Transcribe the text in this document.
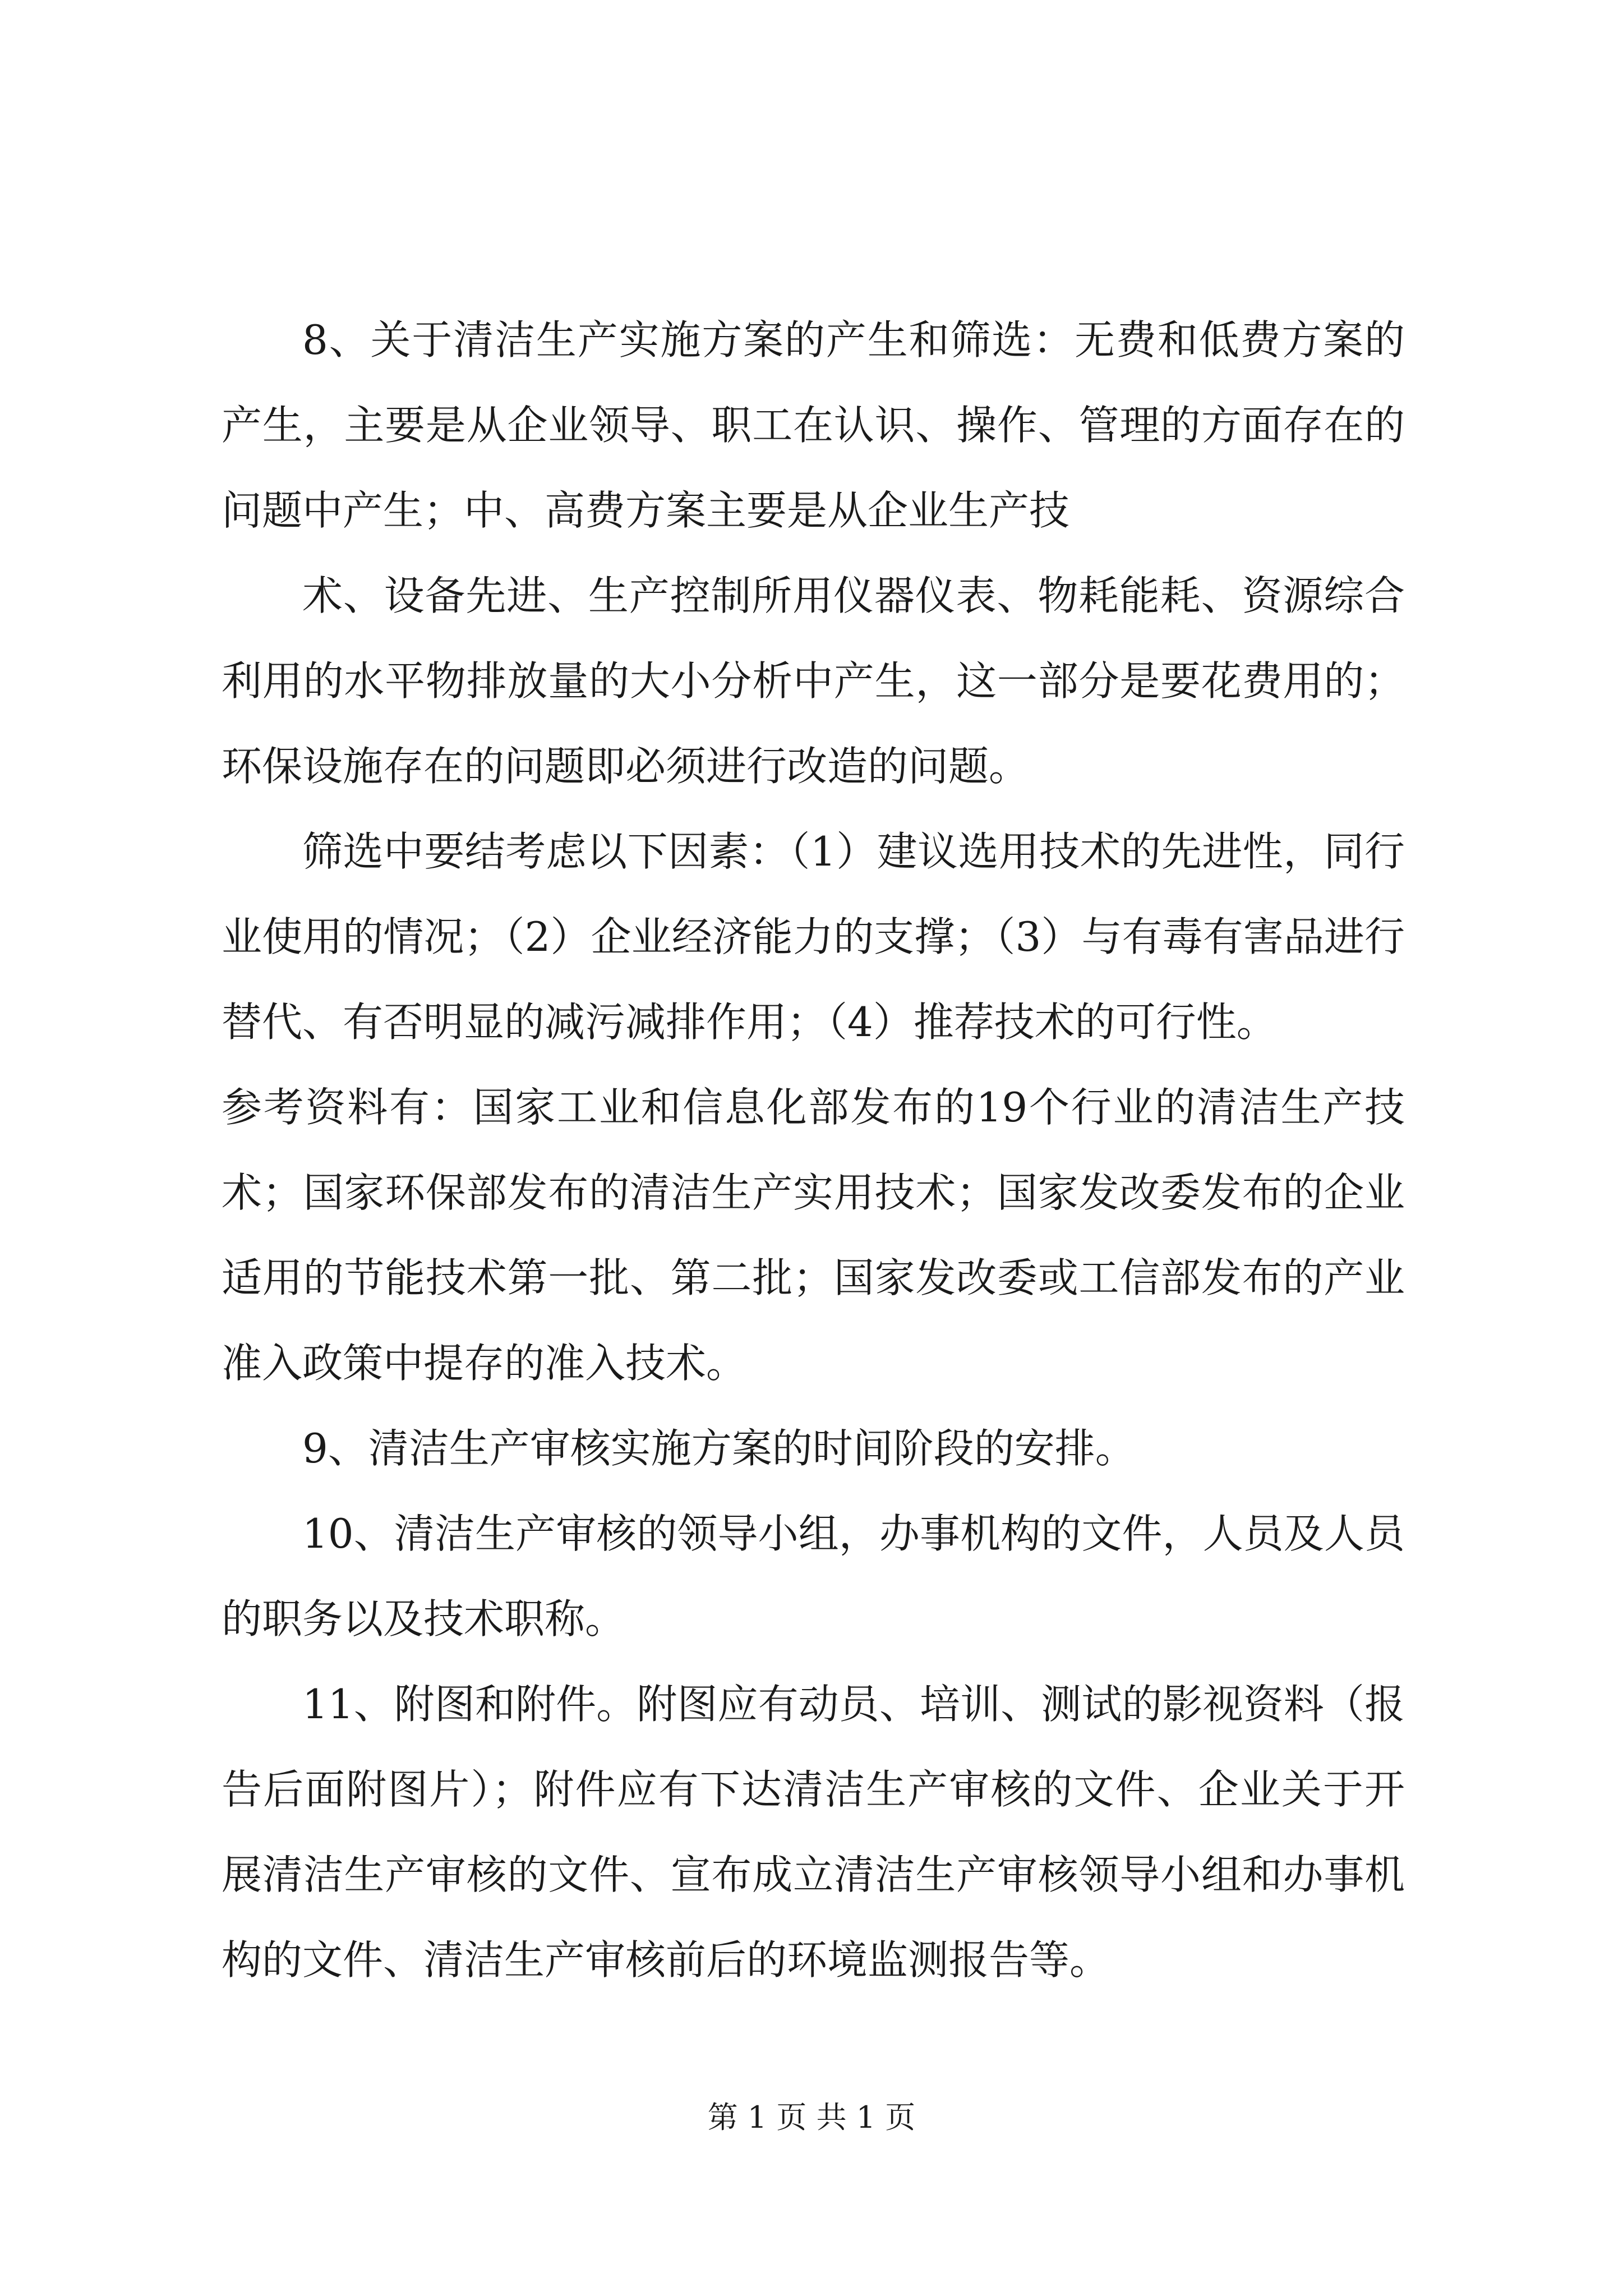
8、关于清洁生产实施方案的产生和筛选：无费和低费方案的产生，主要是从企业领导、职工在认识、操作、管理的方面存在的问题中产生；中、高费方案主要是从企业生产技

术、设备先进、生产控制所用仪器仪表、物耗能耗、资源综合利用的水平物排放量的大小分析中产生，这一部分是要花费用的；环保设施存在的问题即必须进行改造的问题。

筛选中要结考虑以下因素：（1）建议选用技术的先进性，同行业使用的情况；（2）企业经济能力的支撑；（3）与有毒有害品进行替代、有否明显的减污减排作用；（4）推荐技术的可行性。

参考资料有：国家工业和信息化部发布的19个行业的清洁生产技术；国家环保部发布的清洁生产实用技术；国家发改委发布的企业适用的节能技术第一批、第二批；国家发改委或工信部发布的产业准入政策中提存的准入技术。

9、清洁生产审核实施方案的时间阶段的安排。

10、清洁生产审核的领导小组，办事机构的文件，人员及人员的职务以及技术职称。

11、附图和附件。附图应有动员、培训、测试的影视资料（报告后面附图片）；附件应有下达清洁生产审核的文件、企业关于开展清洁生产审核的文件、宣布成立清洁生产审核领导小组和办事机构的文件、清洁生产审核前后的环境监测报告等。

第 1 页 共 1 页
